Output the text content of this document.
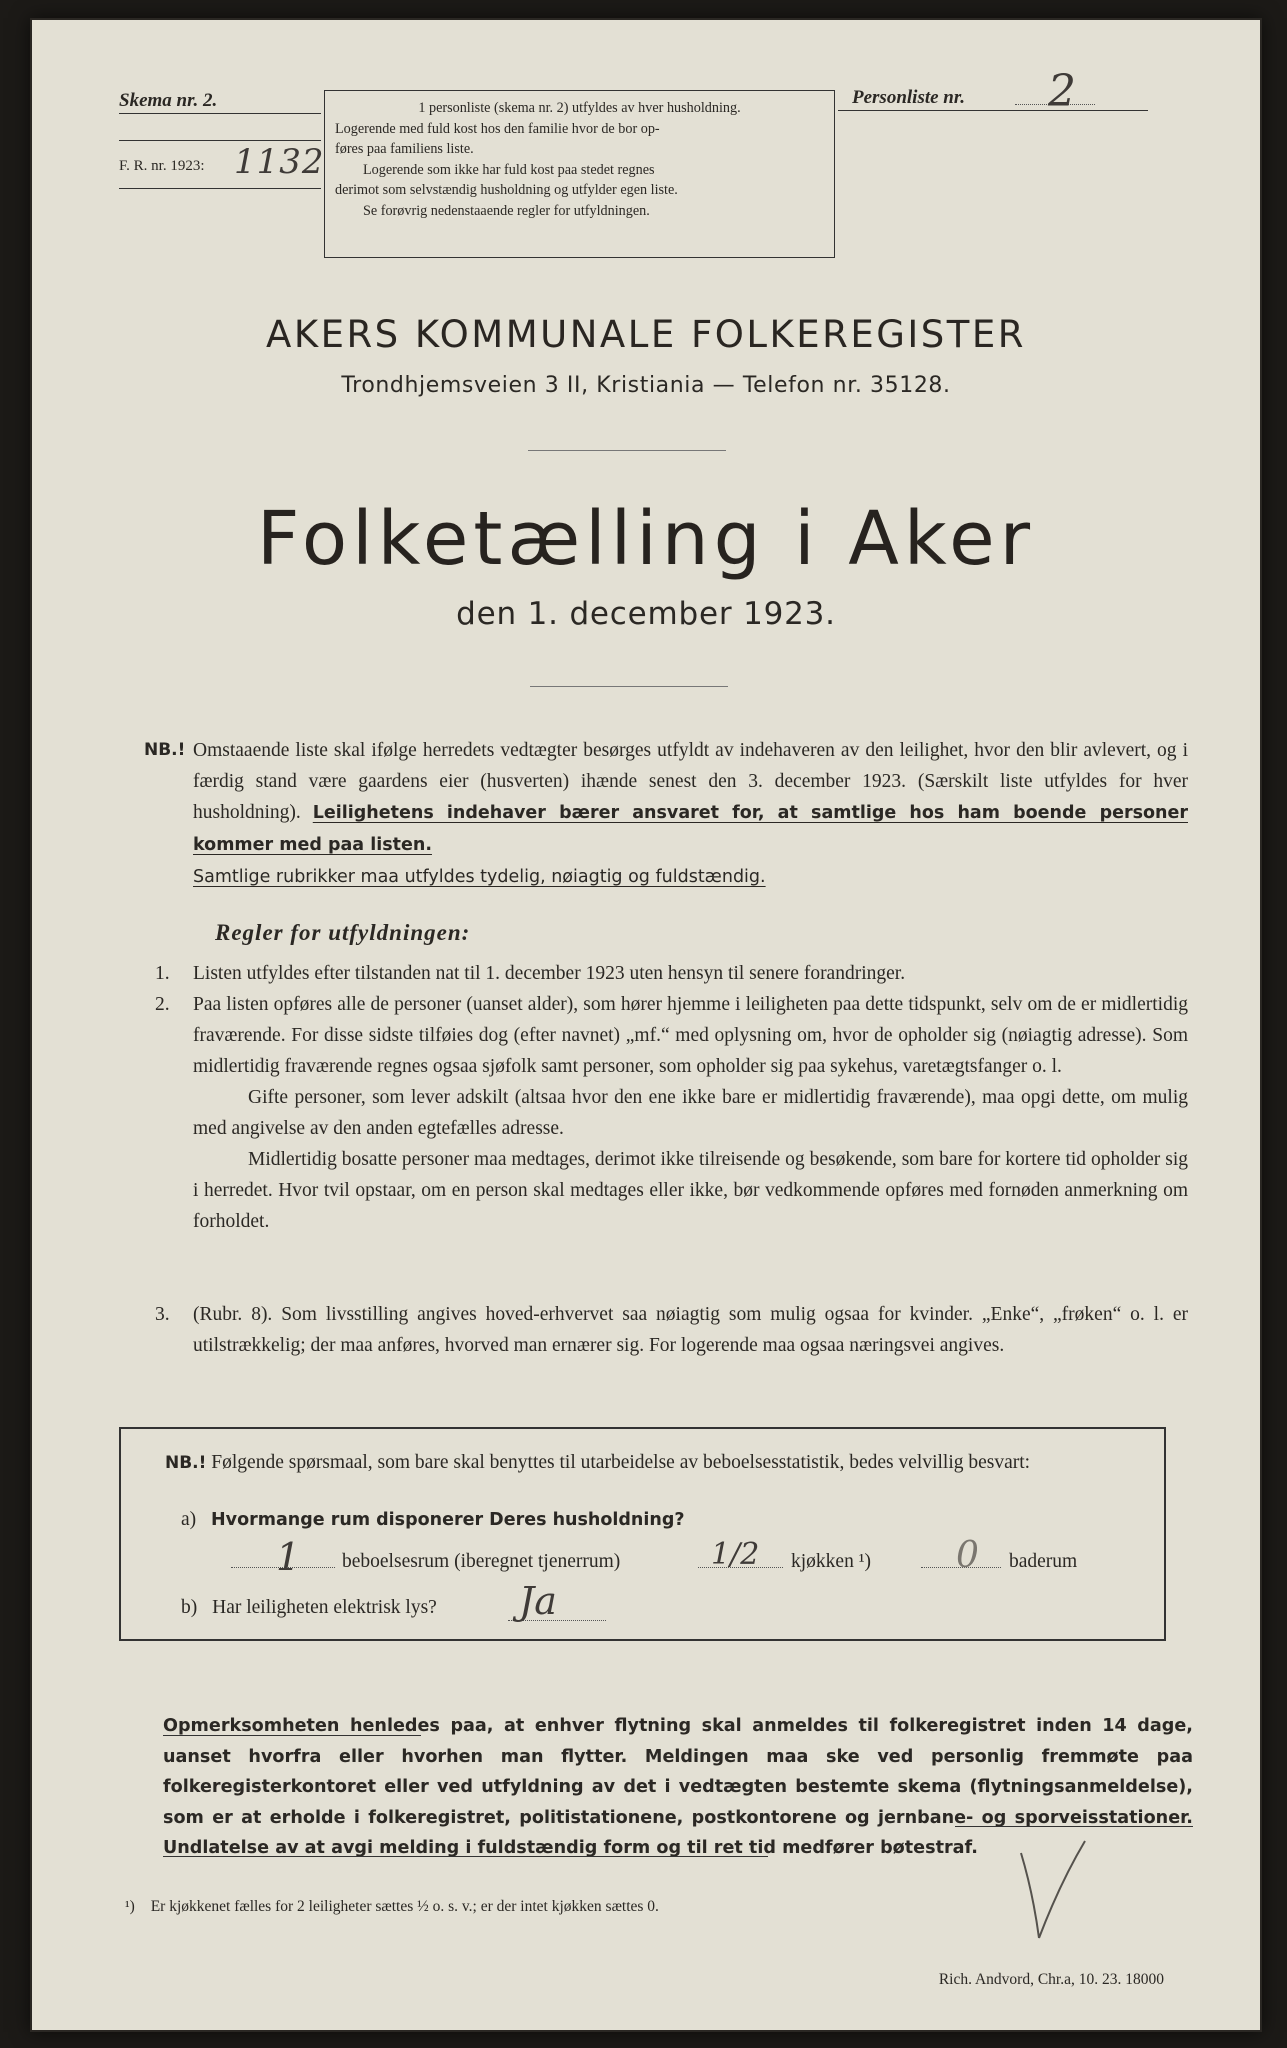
Skema nr. 2.
F. R. nr. 1923: 1132
1 personliste (skema nr. 2) utfyldes av hver husholdning.
Logerende med fuld kost hos den familie hvor de bor op-
føres paa familiens liste.
Logerende som ikke har fuld kost paa stedet regnes
derimot som selvstændig husholdning og utfylder egen liste.
Se forøvrig nedenstaaende regler for utfyldningen.
Personliste nr. 2
AKERS KOMMUNALE FOLKEREGISTER
Trondhjemsveien 3 II, Kristiania — Telefon nr. 35128.
Folketælling i Aker
den 1. december 1923.
NB.! Omstaaende liste skal ifølge herredets vedtægter besørges utfyldt av indehaveren av den leilighet, hvor den blir avlevert, og i færdig stand være gaardens eier (husverten) ihænde senest den 3. december 1923. (Særskilt liste utfyldes for hver husholdning). Leilighetens indehaver bærer ansvaret for, at samtlige hos ham boende personer kommer med paa listen.

Samtlige rubrikker maa utfyldes tydelig, nøiagtig og fuldstændig.

Regler for utfyldningen:
1. Listen utfyldes efter tilstanden nat til 1. december 1923 uten hensyn til senere forandringer.
2. Paa listen opføres alle de personer (uanset alder), som hører hjemme i leiligheten paa dette tidspunkt, selv om de er midlertidig fraværende. For disse sidste tilføies dog (efter navnet) „mf.“ med oplysning om, hvor de opholder sig (nøiagtig adresse). Som midlertidig fraværende regnes ogsaa sjøfolk samt personer, som opholder sig paa sykehus, varetægtsfanger o. l.

Gifte personer, som lever adskilt (altsaa hvor den ene ikke bare er midlertidig fraværende), maa opgi dette, om mulig med angivelse av den anden egtefælles adresse.

Midlertidig bosatte personer maa medtages, derimot ikke tilreisende og besøkende, som bare for kortere tid opholder sig i herredet. Hvor tvil opstaar, om en person skal medtages eller ikke, bør vedkommende opføres med fornøden anmerkning om forholdet.

3. (Rubr. 8). Som livsstilling angives hoved-erhvervet saa nøiagtig som mulig ogsaa for kvinder. „Enke“, „frøken“ o. l. er utilstrækkelig; der maa anføres, hvorved man ernærer sig. For logerende maa ogsaa næringsvei angives.
NB.! Følgende spørsmaal, som bare skal benyttes til utarbeidelse av beboelsesstatistik, bedes velvillig besvart:
a) Hvormange rum disponerer Deres husholdning?
1 beboelsesrum (iberegnet tjenerrum)	1/2 kjøkken ¹) 0 baderum
b) Har leiligheten elektrisk lys? Ja
Opmerksomheten henledes paa, at enhver flytning skal anmeldes til folkeregistret inden 14 dage, uanset hvorfra eller hvorhen man flytter. Meldingen maa ske ved personlig fremmøte paa folkeregisterkontoret eller ved utfyldning av det i vedtægten bestemte skema (flytningsanmeldelse), som er at erholde i folkeregistret, politistationene, postkontorene og jernbane- og sporveisstationer. Undlatelse av at avgi melding i fuldstændig form og til ret tid medfører bøtestraf.
¹) Er kjøkkenet fælles for 2 leiligheter sættes ½ o. s. v.; er der intet kjøkken sættes 0.
Rich. Andvord, Chr.a, 10. 23. 18000
